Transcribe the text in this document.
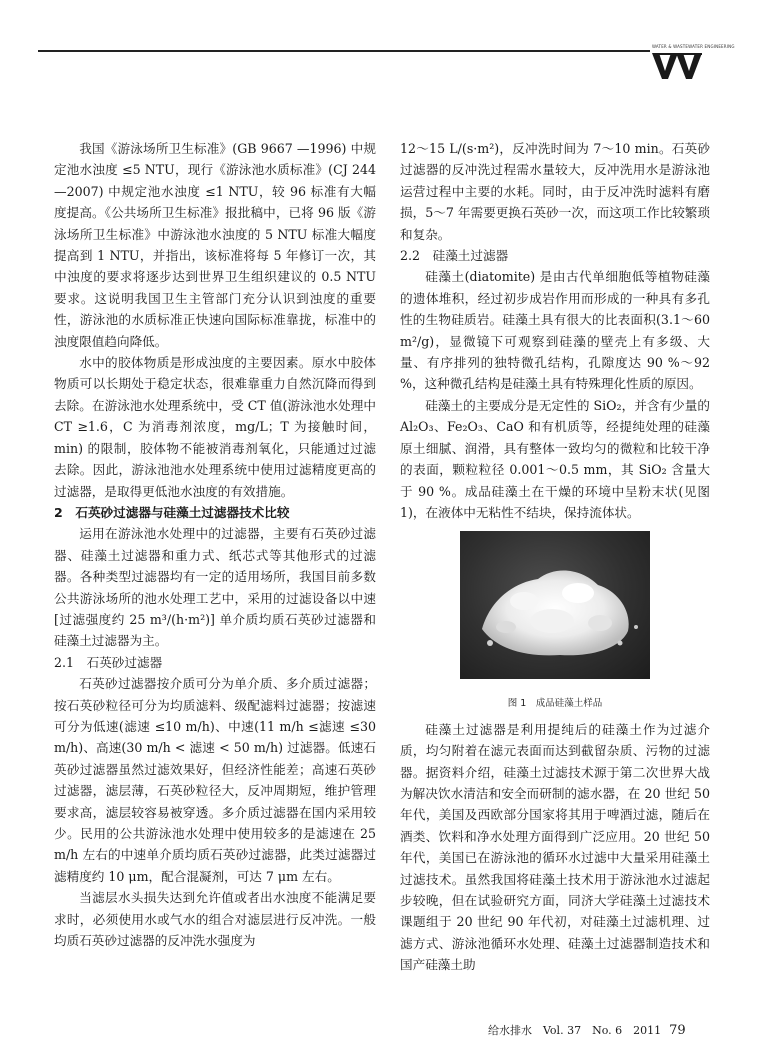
WATER & WASTEWATER ENGINEERING

我国《游泳场所卫生标准》(GB 9667 —1996) 中规定池水浊度 ≤5 NTU，现行《游泳池水质标准》(CJ 244 —2007) 中规定池水浊度 ≤1 NTU，较 96 标准有大幅度提高。《公共场所卫生标准》报批稿中，已将 96 版《游泳场所卫生标准》中游泳池水浊度的 5 NTU 标准大幅度提高到 1 NTU，并指出，该标准将每 5 年修订一次，其中浊度的要求将逐步达到世界卫生组织建议的 0.5 NTU 要求。这说明我国卫生主管部门充分认识到浊度的重要性，游泳池的水质标准正快速向国际标准靠拢，标准中的浊度限值趋向降低。

水中的胶体物质是形成浊度的主要因素。原水中胶体物质可以长期处于稳定状态，很难靠重力自然沉降而得到去除。在游泳池水处理系统中，受 CT 值(游泳池水处理中 CT ≥1.6，C 为消毒剂浓度，mg/L；T 为接触时间，min) 的限制，胶体物不能被消毒剂氧化，只能通过过滤去除。因此，游泳池池水处理系统中使用过滤精度更高的过滤器，是取得更低池水浊度的有效措施。

2　石英砂过滤器与硅藻土过滤器技术比较

运用在游泳池水处理中的过滤器，主要有石英砂过滤器、硅藻土过滤器和重力式、纸芯式等其他形式的过滤器。各种类型过滤器均有一定的适用场所，我国目前多数公共游泳场所的池水处理工艺中，采用的过滤设备以中速[过滤强度约 25 m³/(h·m²)] 单介质均质石英砂过滤器和硅藻土过滤器为主。

2.1　石英砂过滤器

石英砂过滤器按介质可分为单介质、多介质过滤器；按石英砂粒径可分为均质滤料、级配滤料过滤器；按滤速可分为低速(滤速 ≤10 m/h)、中速(11 m/h ≤滤速 ≤30 m/h)、高速(30 m/h < 滤速 < 50 m/h) 过滤器。低速石英砂过滤器虽然过滤效果好，但经济性能差；高速石英砂过滤器，滤层薄，石英砂粒径大，反冲周期短，维护管理要求高，滤层较容易被穿透。多介质过滤器在国内采用较少。民用的公共游泳池水处理中使用较多的是滤速在 25 m/h 左右的中速单介质均质石英砂过滤器，此类过滤器过滤精度约 10 μm，配合混凝剂，可达 7 μm 左右。

当滤层水头损失达到允许值或者出水浊度不能满足要求时，必须使用水或气水的组合对滤层进行反冲洗。一般均质石英砂过滤器的反冲洗水强度为

12～15 L/(s·m²)，反冲洗时间为 7～10 min。石英砂过滤器的反冲洗过程需水量较大，反冲洗用水是游泳池运营过程中主要的水耗。同时，由于反冲洗时滤料有磨损，5～7 年需要更换石英砂一次，而这项工作比较繁琐和复杂。

2.2　硅藻土过滤器

硅藻土(diatomite) 是由古代单细胞低等植物硅藻的遗体堆积，经过初步成岩作用而形成的一种具有多孔性的生物硅质岩。硅藻土具有很大的比表面积(3.1～60 m²/g)，显微镜下可观察到硅藻的壁壳上有多级、大量、有序排列的独特微孔结构，孔隙度达 90 %～92 %，这种微孔结构是硅藻土具有特殊理化性质的原因。

硅藻土的主要成分是无定性的 SiO₂，并含有少量的 Al₂O₃、Fe₂O₃、CaO 和有机质等，经提纯处理的硅藻原土细腻、润滑，具有整体一致均匀的微粒和比较干净的表面，颗粒粒径 0.001～0.5 mm，其 SiO₂ 含量大于 90 %。成品硅藻土在干燥的环境中呈粉末状(见图 1)，在液体中无粘性不结块，保持流体状。

图 1　成品硅藻土样品

硅藻土过滤器是利用提纯后的硅藻土作为过滤介质，均匀附着在滤元表面而达到截留杂质、污物的过滤器。据资料介绍，硅藻土过滤技术源于第二次世界大战为解决饮水清洁和安全而研制的滤水器，在 20 世纪 50 年代，美国及西欧部分国家将其用于啤酒过滤，随后在酒类、饮料和净水处理方面得到广泛应用。20 世纪 50 年代，美国已在游泳池的循环水过滤中大量采用硅藻土过滤技术。虽然我国将硅藻土技术用于游泳池水过滤起步较晚，但在试验研究方面，同济大学硅藻土过滤技术课题组于 20 世纪 90 年代初，对硅藻土过滤机理、过滤方式、游泳池循环水处理、硅藻土过滤器制造技术和国产硅藻土助

给水排水　Vol. 37　No. 6　2011 79
